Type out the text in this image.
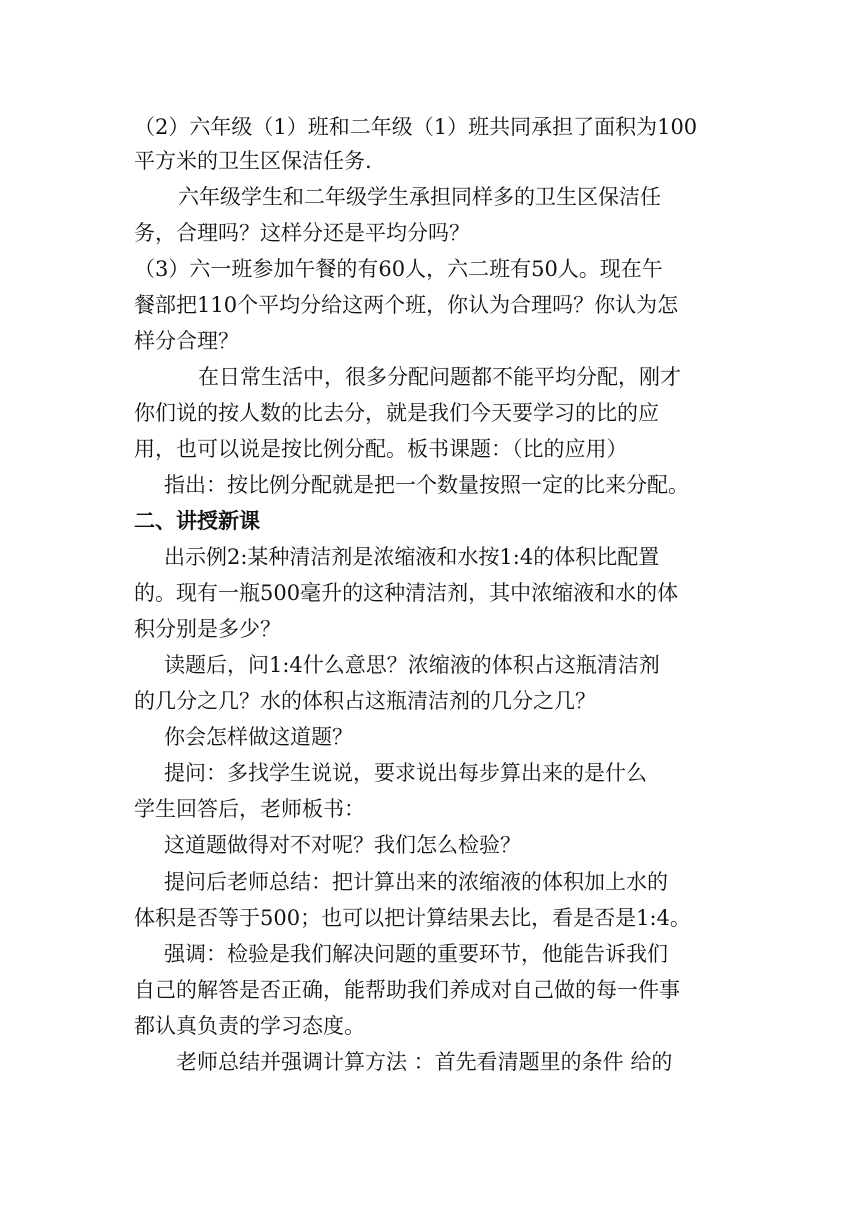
（2）六年级（1）班和二年级（1）班共同承担了面积为100

平方米的卫生区保洁任务.

六年级学生和二年级学生承担同样多的卫生区保洁任

务，合理吗？这样分还是平均分吗？

（3）六一班参加午餐的有60人，六二班有50人。现在午

餐部把110个平均分给这两个班，你认为合理吗？你认为怎

样分合理？

在日常生活中，很多分配问题都不能平均分配，刚才

你们说的按人数的比去分，就是我们今天要学习的比的应

用，也可以说是按比例分配。板书课题：（比的应用）

指出：按比例分配就是把一个数量按照一定的比来分配。

二、讲授新课

出示例2:某种清洁剂是浓缩液和水按1:4的体积比配置

的。现有一瓶500毫升的这种清洁剂，其中浓缩液和水的体

积分别是多少？

读题后，问1:4什么意思？浓缩液的体积占这瓶清洁剂

的几分之几？水的体积占这瓶清洁剂的几分之几？

你会怎样做这道题？

提问：多找学生说说，要求说出每步算出来的是什么

学生回答后，老师板书：

这道题做得对不对呢？我们怎么检验？

提问后老师总结：把计算出来的浓缩液的体积加上水的

体积是否等于500；也可以把计算结果去比，看是否是1:4。

强调：检验是我们解决问题的重要环节，他能告诉我们

自己的解答是否正确，能帮助我们养成对自己做的每一件事

都认真负责的学习态度。

老师总结并强调计算方法 ：首先看清题里的条件 给的
